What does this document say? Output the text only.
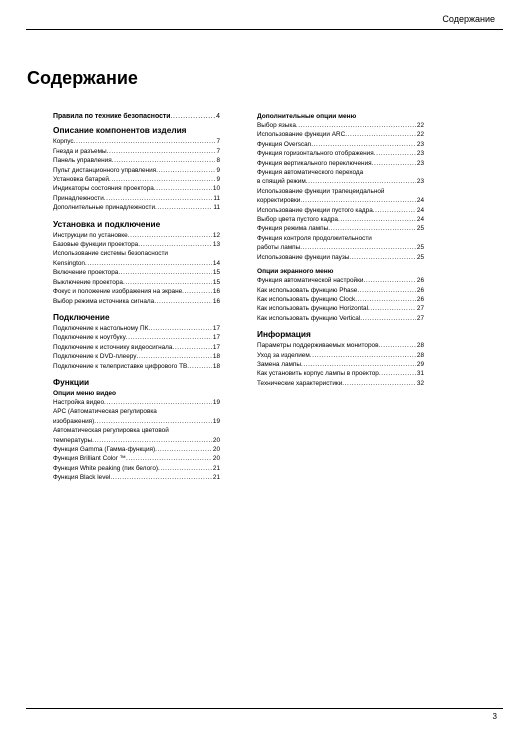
Содержание
Содержание
Правила по технике безопасности .....	4
Описание компонентов изделия
Корпус .....	7
Гнезда и разъемы .....	7
Панель управления .....	8
Пульт дистанционного управления .....	9
Установка батарей .....	9
Индикаторы состояния проектора .....	10
Принадлежности .....	11
Дополнительные принадлежности .....	11
Установка и подключение
Инструкции по установке .....	12
Базовые функции проектора .....	13
Использование системы безопасности
Kensington .....	14
Включение проектора .....	15
Выключение проектора .....	15
Фокус и положение изображения на экране .....	16
Выбор режима источника сигнала .....	16
Подключение
Подключение к настольному ПК .....	17
Подключение к ноутбуку .....	17
Подключение к источнику видеосигнала .....	17
Подключение к DVD-плееру .....	18
Подключение к телеприставке цифрового ТВ .....	18
Функции
Опции меню видео
Настройка видео .....	19
APC (Автоматическая регулировка
изображения) .....	19
Автоматическая регулировка цветовой
температуры .....	20
Функция Gamma (Гамма-функция) .....	20
Функция Brilliant Color ™ .....	20
Функция White peaking (пик белого) .....	21
Функция Black level .....	21
Дополнительные опции меню
Выбор языка .....	22
Использование функции ARC .....	22
Функция Overscan .....	23
Функция горизонтального отображения .....	23
Функция вертикального переключения .....	23
Функция автоматического перехода
в спящий режим .....	23
Использование функции трапецеидальной
корректировки .....	24
Использование функции пустого кадра .....	24
Выбор цвета пустого кадра .....	24
Функция режима лампы .....	25
Функция контроля продолжительности
работы лампы .....	25
Использование функции паузы .....	25
Опции экранного меню
Функция автоматической настройки .....	26
Как использовать функцию Phase .....	26
Как использовать функцию Clock .....	26
Как использовать функцию Horizontal .....	27
Как использовать функцию Vertical .....	27
Информация
Параметры поддерживаемых мониторов .....	28
Уход за изделием .....	28
Замена лампы .....	29
Как установить корпус лампы в проектор .....	31
Технические характеристики .....	32
3
